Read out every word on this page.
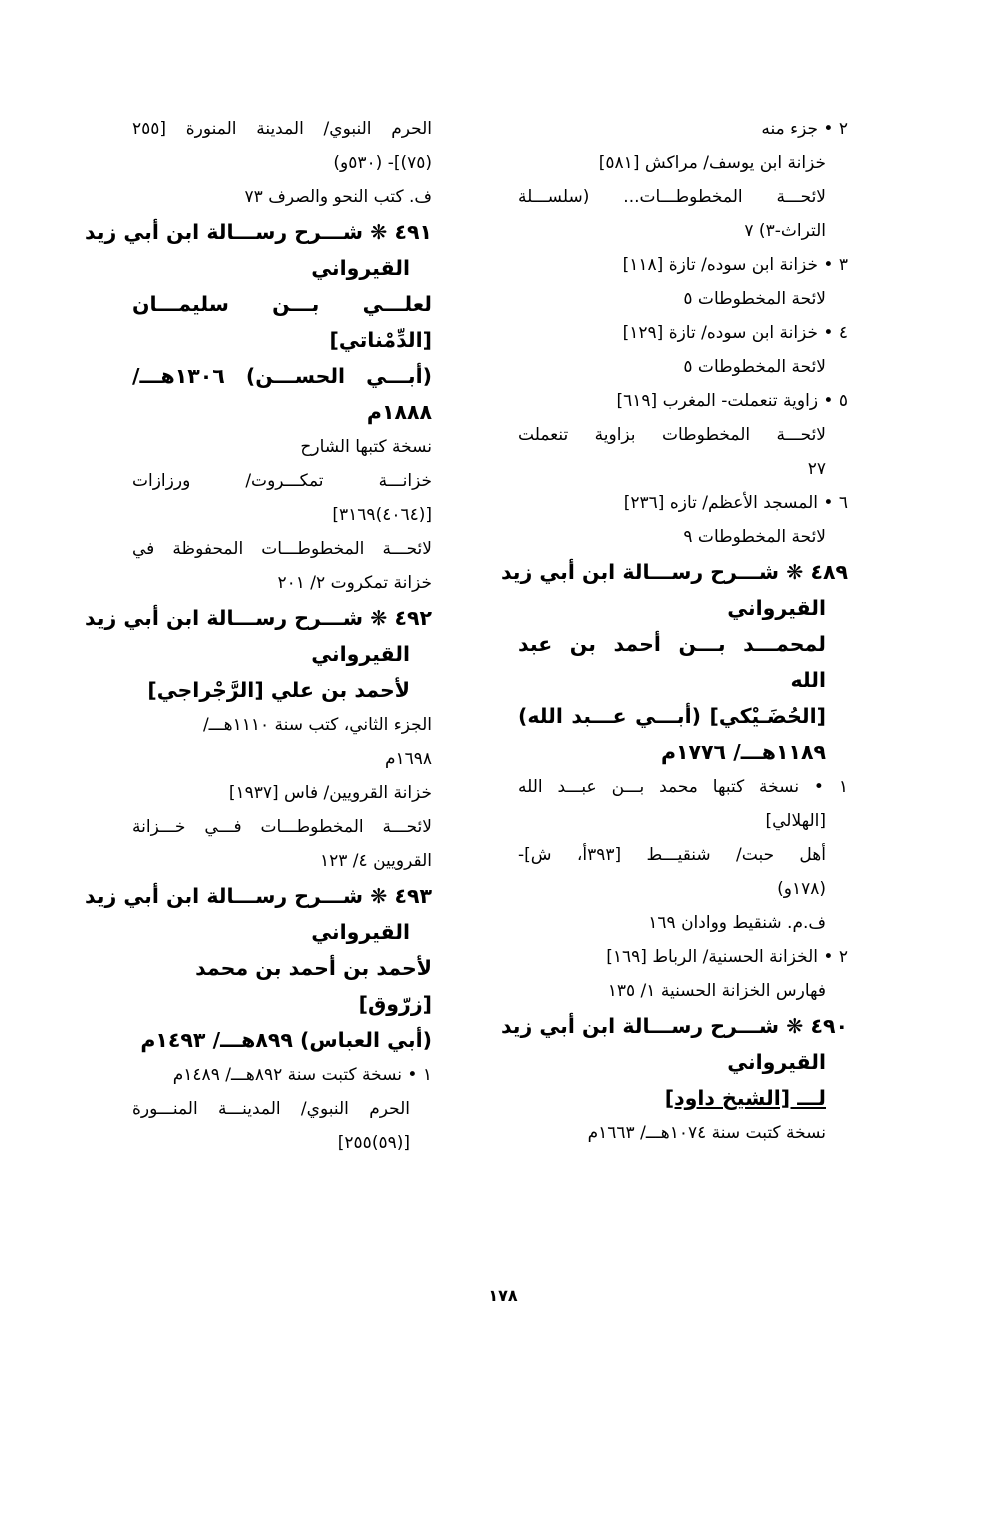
٢ • جزء منه
خزانة ابن يوسف/ مراكش [٥٨١]
لائحـــة المخطوطـــات... (سلســـلة
التراث-٣) ٧
٣ • خزانة ابن سوده/ تازة [١١٨]
لائحة المخطوطات ٥
٤ • خزانة ابن سوده/ تازة [١٢٩]
لائحة المخطوطات ٥
٥ • زاوية تنعملت- المغرب [٦١٩]
لائحـــة المخطوطات بزاوية تنعملت
٢٧
٦ • المسجد الأعظم/ تازه [٢٣٦]
لائحة المخطوطات ٩
٤٨٩ ❋ شـــرح رســـالة ابن أبي زيد
القيرواني
لمحمـــد بـــن أحمد بن عبد الله
[الحُضَـيْكي] (أبـــي عـــبد الله)
١١٨٩هـــ/ ١٧٧٦م
١ • نسخة كتبها محمد بـــن عبـــد الله
[الهلالي]
أهل حبت/ شنقيـــط [٣٩٣أ، ش]-
(١٧٨و)
ف.م. شنقيط ووادان ١٦٩
٢ • الخزانة الحسنية/ الرباط [١٦٩]
فهارس الخزانة الحسنية ١/ ١٣٥
٤٩٠ ❋ شـــرح رســـالة ابن أبي زيد
القيرواني
لـــ [الشيخ داود]
نسخة كتبت سنة ١٠٧٤هـــ/ ١٦٦٣م
الحرم النبوي/ المدينة المنورة [٢٥٥
(٧٥)]- (٥٣٠و)
ف. كتب النحو والصرف ٧٣
٤٩١ ❋ شـــرح رســـالة ابن أبي زيد
القيرواني
لعلـــي بـــن سليمـــان [الدِّمْناتي]
(أبـــي الحســـن) ١٣٠٦هـــ/
١٨٨٨م
نسخة كتبها الشارح
خزانـــة تمكـــروت/ ورزازات
[(٤٠٦٤)٣١٦٩]
لائحـــة المخطوطـــات المحفوظة في
خزانة تمكروت ٢/ ٢٠١
٤٩٢ ❋ شـــرح رســـالة ابن أبي زيد
القيرواني
لأحمد بن علي [الرَّجْراجي]
الجزء الثاني، كتب سنة ١١١٠هـــ/
١٦٩٨م
خزانة القرويين/ فاس [١٩٣٧]
لائحـــة المخطوطـــات فـــي خـــزانة
القرويين ٤/ ١٢٣
٤٩٣ ❋ شـــرح رســـالة ابن أبي زيد
القيرواني
لأحمد بن أحمد بن محمد [زرّوق]
(أبي العباس) ٨٩٩هـــ/ ١٤٩٣م
١ • نسخة كتبت سنة ٨٩٢هـــ/ ١٤٨٩م
الحرم النبوي/ المدينـــة المنـــورة
[(٥٩)٢٥٥]
١٧٨
